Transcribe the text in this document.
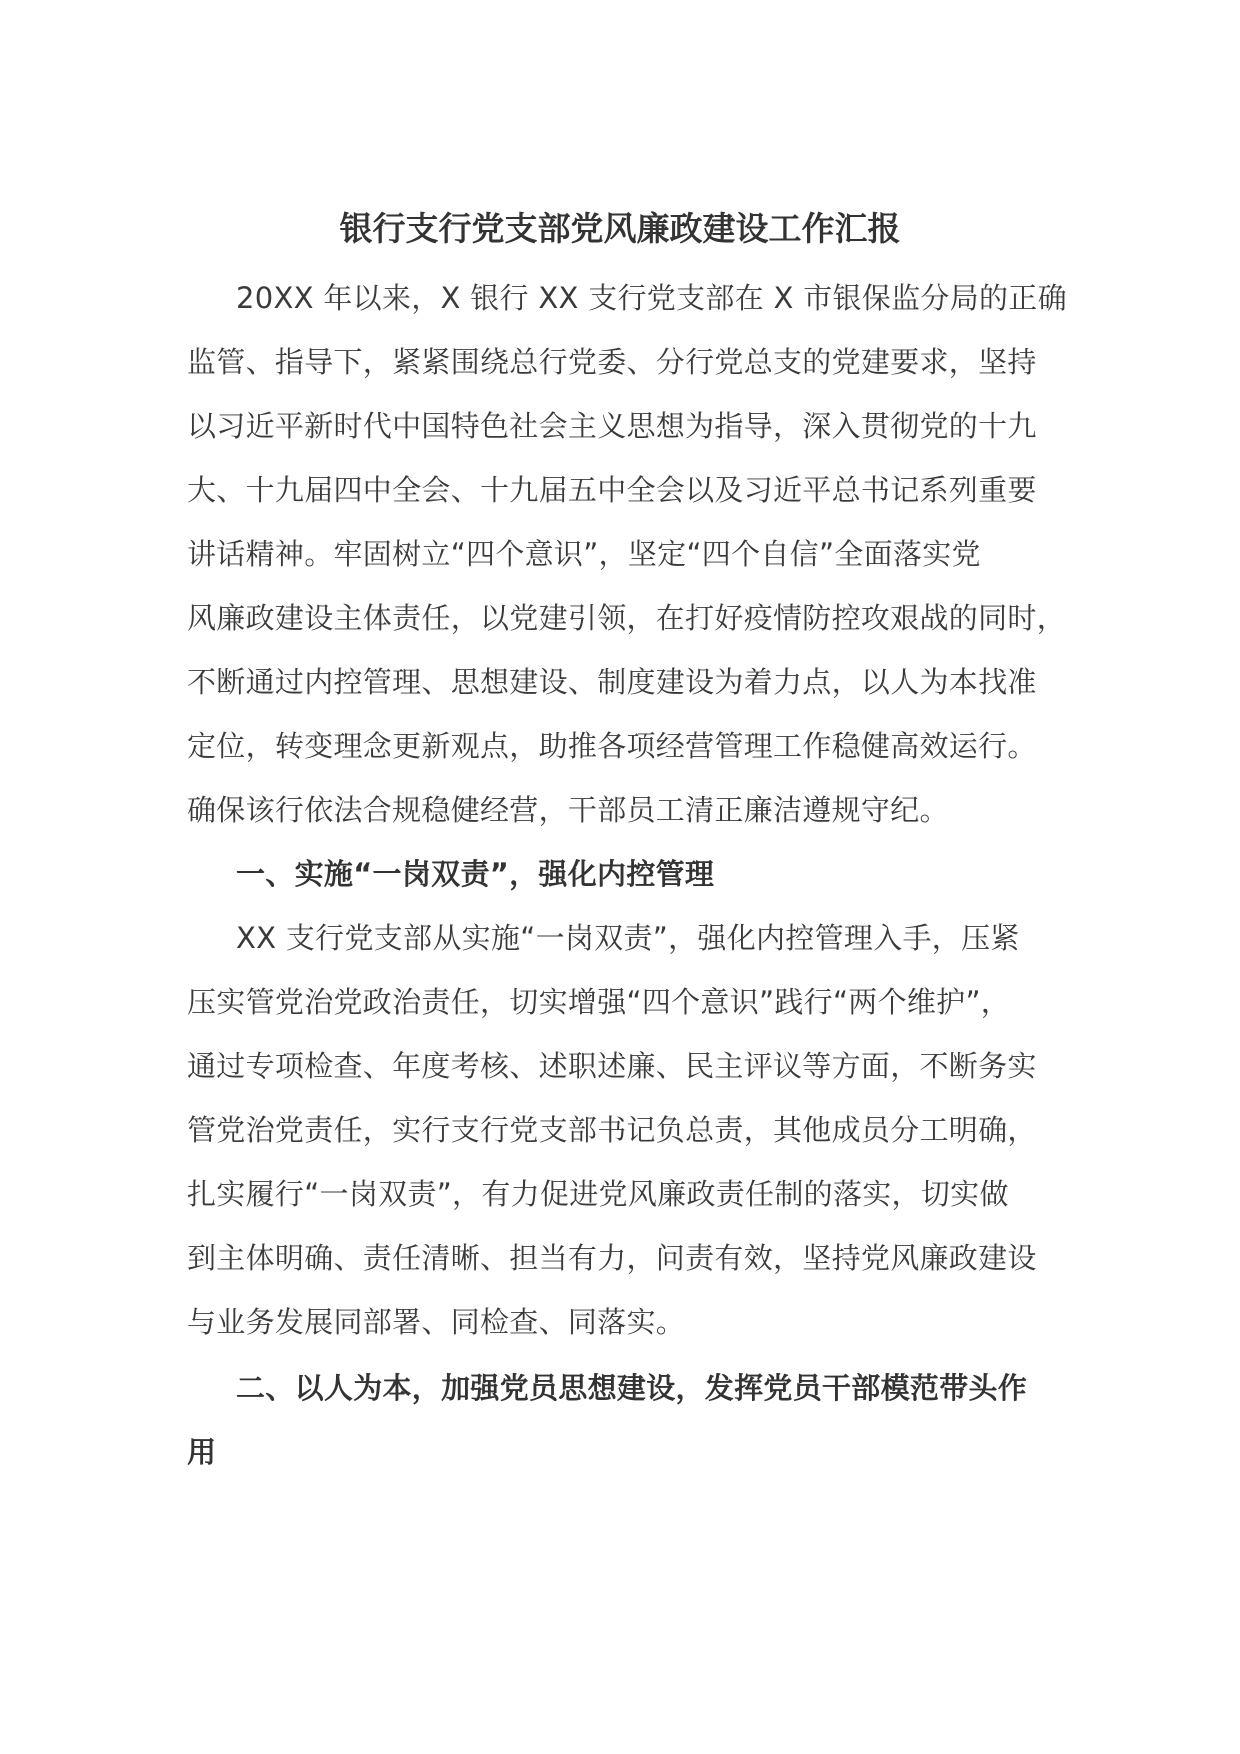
银行支行党支部党风廉政建设工作汇报
20XX 年以来，X 银行 XX 支行党支部在 X 市银保监分局的正确
监管、指导下，紧紧围绕总行党委、分行党总支的党建要求，坚持
以习近平新时代中国特色社会主义思想为指导，深入贯彻党的十九
大、十九届四中全会、十九届五中全会以及习近平总书记系列重要
讲话精神。牢固树立“四个意识”，坚定“四个自信”全面落实党
风廉政建设主体责任，以党建引领，在打好疫情防控攻艰战的同时，
不断通过内控管理、思想建设、制度建设为着力点，以人为本找准
定位，转变理念更新观点，助推各项经营管理工作稳健高效运行。
确保该行依法合规稳健经营，干部员工清正廉洁遵规守纪。
一、实施“一岗双责”，强化内控管理
XX 支行党支部从实施“一岗双责”，强化内控管理入手，压紧
压实管党治党政治责任，切实增强“四个意识”践行“两个维护”，
通过专项检查、年度考核、述职述廉、民主评议等方面，不断务实
管党治党责任，实行支行党支部书记负总责，其他成员分工明确，
扎实履行“一岗双责”，有力促进党风廉政责任制的落实，切实做
到主体明确、责任清晰、担当有力，问责有效，坚持党风廉政建设
与业务发展同部署、同检查、同落实。
二、以人为本，加强党员思想建设，发挥党员干部模范带头作
用
